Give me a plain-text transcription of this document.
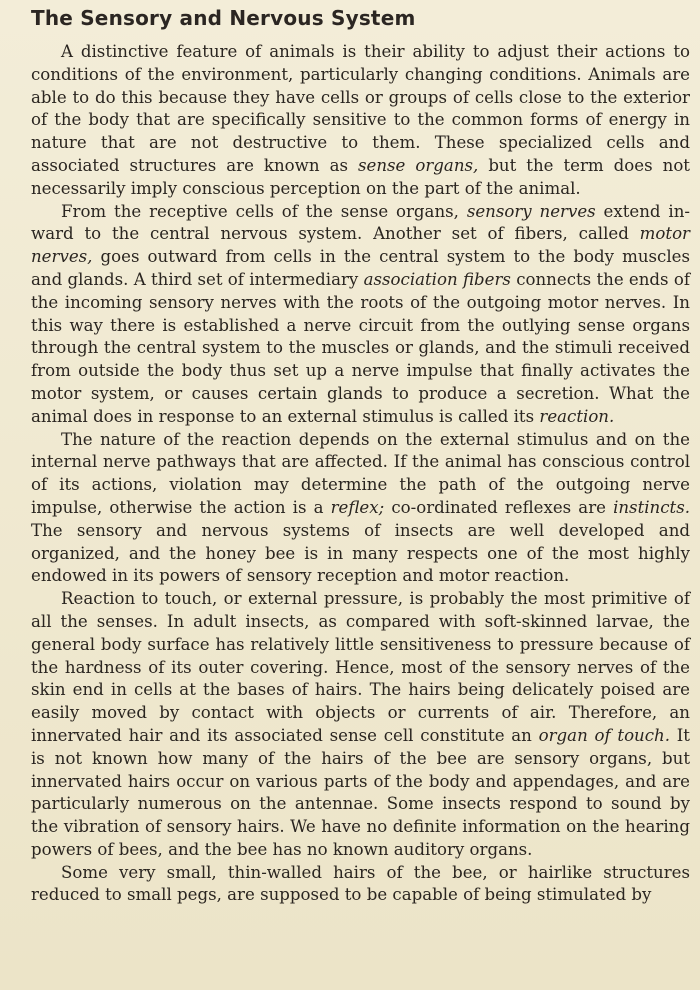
The Sensory and Nervous System

A distinctive feature of animals is their ability to adjust their actions to conditions of the environment, particularly changing conditions. Animals are able to do this because they have cells or groups of cells close to the exterior of the body that are specifically sensitive to the common forms of energy in nature that are not destructive to them. These specialized cells and associated structures are known as sense organs, but the term does not necessarily imply conscious perception on the part of the animal.

From the receptive cells of the sense organs, sensory nerves extend inward to the central nervous system. Another set of fibers, called motor nerves, goes outward from cells in the central system to the body muscles and glands. A third set of intermediary association fibers connects the ends of the incoming sensory nerves with the roots of the outgoing motor nerves. In this way there is established a nerve circuit from the outlying sense organs through the central system to the muscles or glands, and the stimuli received from outside the body thus set up a nerve impulse that finally activates the motor system, or causes certain glands to produce a secretion. What the animal does in response to an external stimulus is called its reaction.

The nature of the reaction depends on the external stimulus and on the internal nerve pathways that are affected. If the animal has conscious control of its actions, violation may determine the path of the outgoing nerve impulse, otherwise the action is a reflex; co-ordinated reflexes are instincts. The sensory and nervous systems of insects are well developed and organized, and the honey bee is in many respects one of the most highly endowed in its powers of sensory reception and motor reaction.

Reaction to touch, or external pressure, is probably the most primitive of all the senses. In adult insects, as compared with soft-skinned larvae, the general body surface has relatively little sensitiveness to pressure because of the hardness of its outer covering. Hence, most of the sensory nerves of the skin end in cells at the bases of hairs. The hairs being delicately poised are easily moved by contact with objects or currents of air. Therefore, an innervated hair and its associated sense cell constitute an organ of touch. It is not known how many of the hairs of the bee are sensory organs, but innervated hairs occur on various parts of the body and appendages, and are particularly numerous on the antennae. Some insects respond to sound by the vibration of sensory hairs. We have no definite information on the hearing powers of bees, and the bee has no known auditory organs.

Some very small, thin-walled hairs of the bee, or hairlike structures reduced to small pegs, are supposed to be capable of being stimulated by
